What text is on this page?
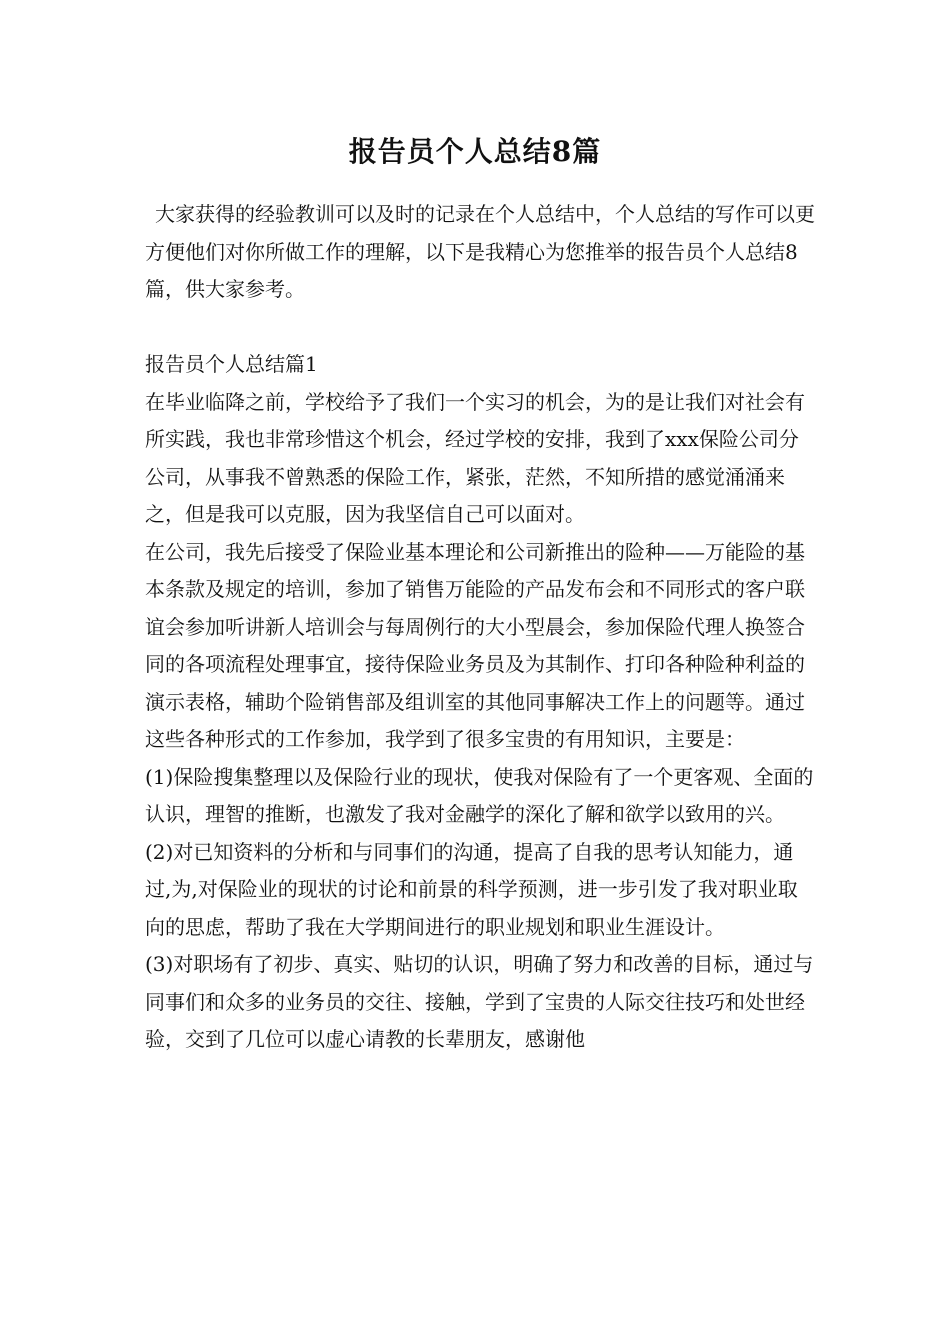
报告员个人总结8篇

大家获得的经验教训可以及时的记录在个人总结中，个人总结的写作可以更方便他们对你所做工作的理解，以下是我精心为您推举的报告员个人总结8篇，供大家参考。

报告员个人总结篇1

在毕业临降之前，学校给予了我们一个实习的机会，为的是让我们对社会有所实践，我也非常珍惜这个机会，经过学校的安排，我到了xxx保险公司分公司，从事我不曾熟悉的保险工作，紧张，茫然，不知所措的感觉涌涌来之，但是我可以克服，因为我坚信自己可以面对。

在公司，我先后接受了保险业基本理论和公司新推出的险种——万能险的基本条款及规定的培训，参加了销售万能险的产品发布会和不同形式的客户联谊会参加听讲新人培训会与每周例行的大小型晨会，参加保险代理人换签合同的各项流程处理事宜，接待保险业务员及为其制作、打印各种险种利益的演示表格，辅助个险销售部及组训室的其他同事解决工作上的问题等。通过这些各种形式的工作参加，我学到了很多宝贵的有用知识，主要是：

(1)保险搜集整理以及保险行业的现状，使我对保险有了一个更客观、全面的认识，理智的推断，也激发了我对金融学的深化了解和欲学以致用的兴。

(2)对已知资料的分析和与同事们的沟通，提高了自我的思考认知能力，通过,为,对保险业的现状的讨论和前景的科学预测，进一步引发了我对职业取向的思虑，帮助了我在大学期间进行的职业规划和职业生涯设计。

(3)对职场有了初步、真实、贴切的认识，明确了努力和改善的目标，通过与同事们和众多的业务员的交往、接触，学到了宝贵的人际交往技巧和处世经验，交到了几位可以虚心请教的长辈朋友，感谢他
